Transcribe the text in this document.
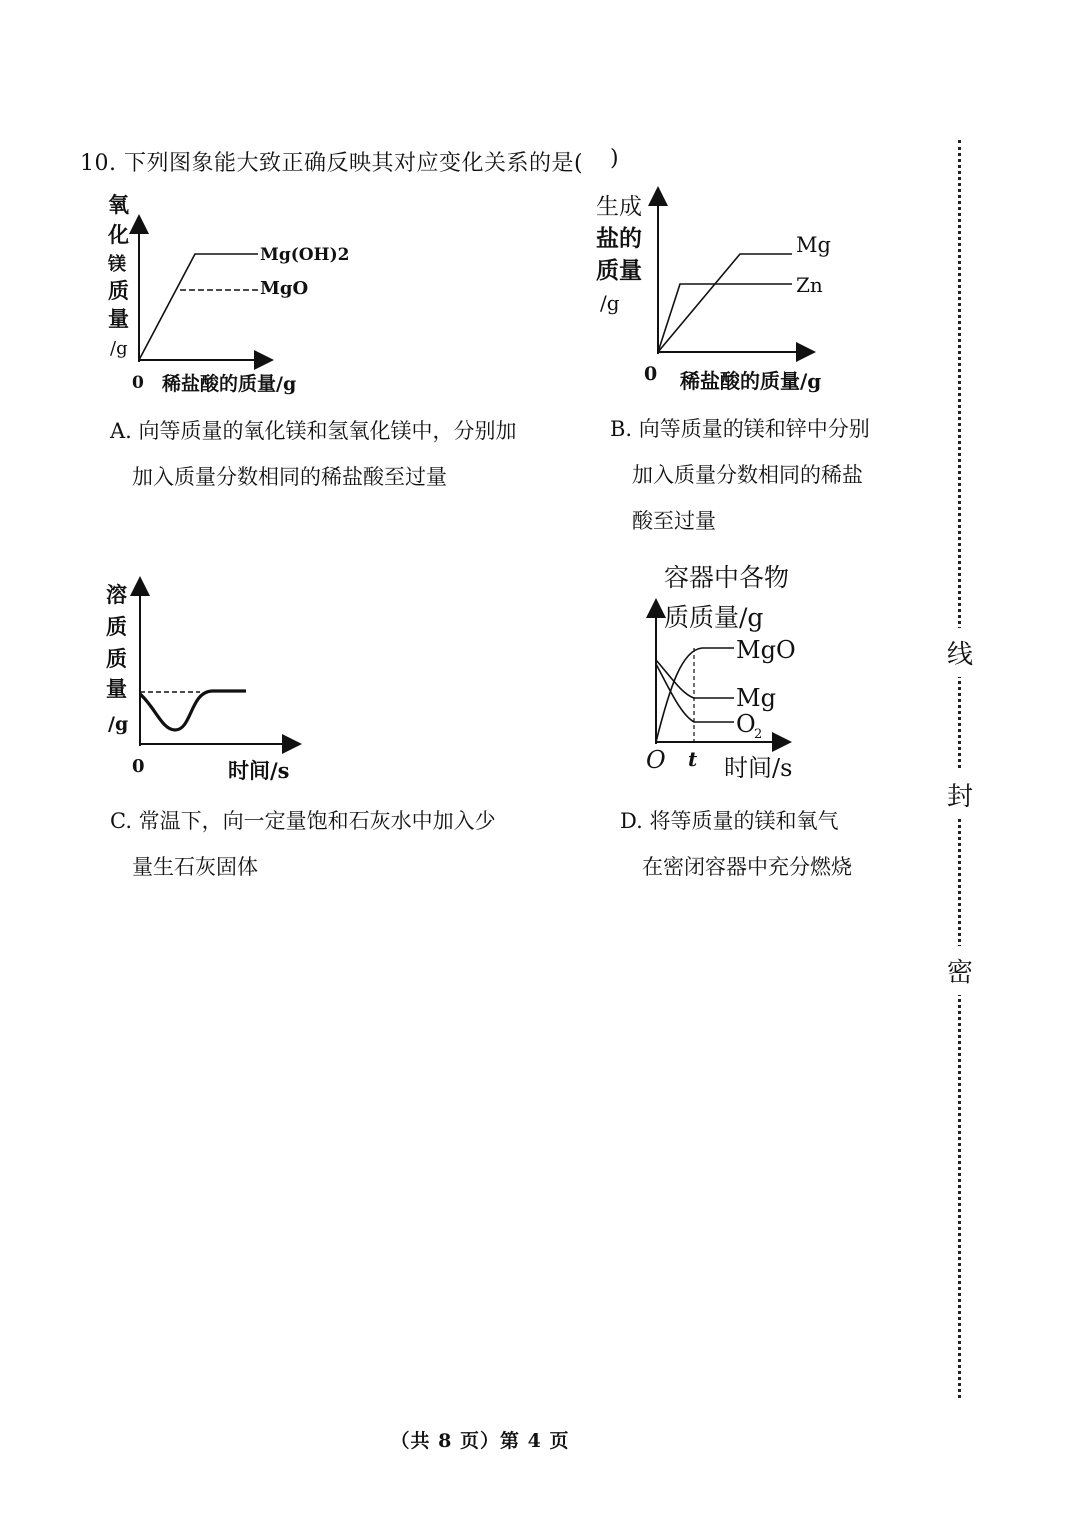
10. 下列图象能大致正确反映其对应变化关系的是( )
氧
化
镁
质
量
/g
Mg(OH)2
MgO
0 稀盐酸的质量/g
A. 向等质量的氧化镁和氢氧化镁中，分别加
加入质量分数相同的稀盐酸至过量
生成
盐的
质量
/g
Mg
Zn
0 稀盐酸的质量/g
B. 向等质量的镁和锌中分别
加入质量分数相同的稀盐
酸至过量
溶
质
质
量
/g
0	时间/s
C. 常温下，向一定量饱和石灰水中加入少
量生石灰固体
容器中各物
质质量/g
MgO
Mg
O
2
O t 时间/s
D. 将等质量的镁和氧气
在密闭容器中充分燃烧
线
封
密
（共 8 页）第 4 页
